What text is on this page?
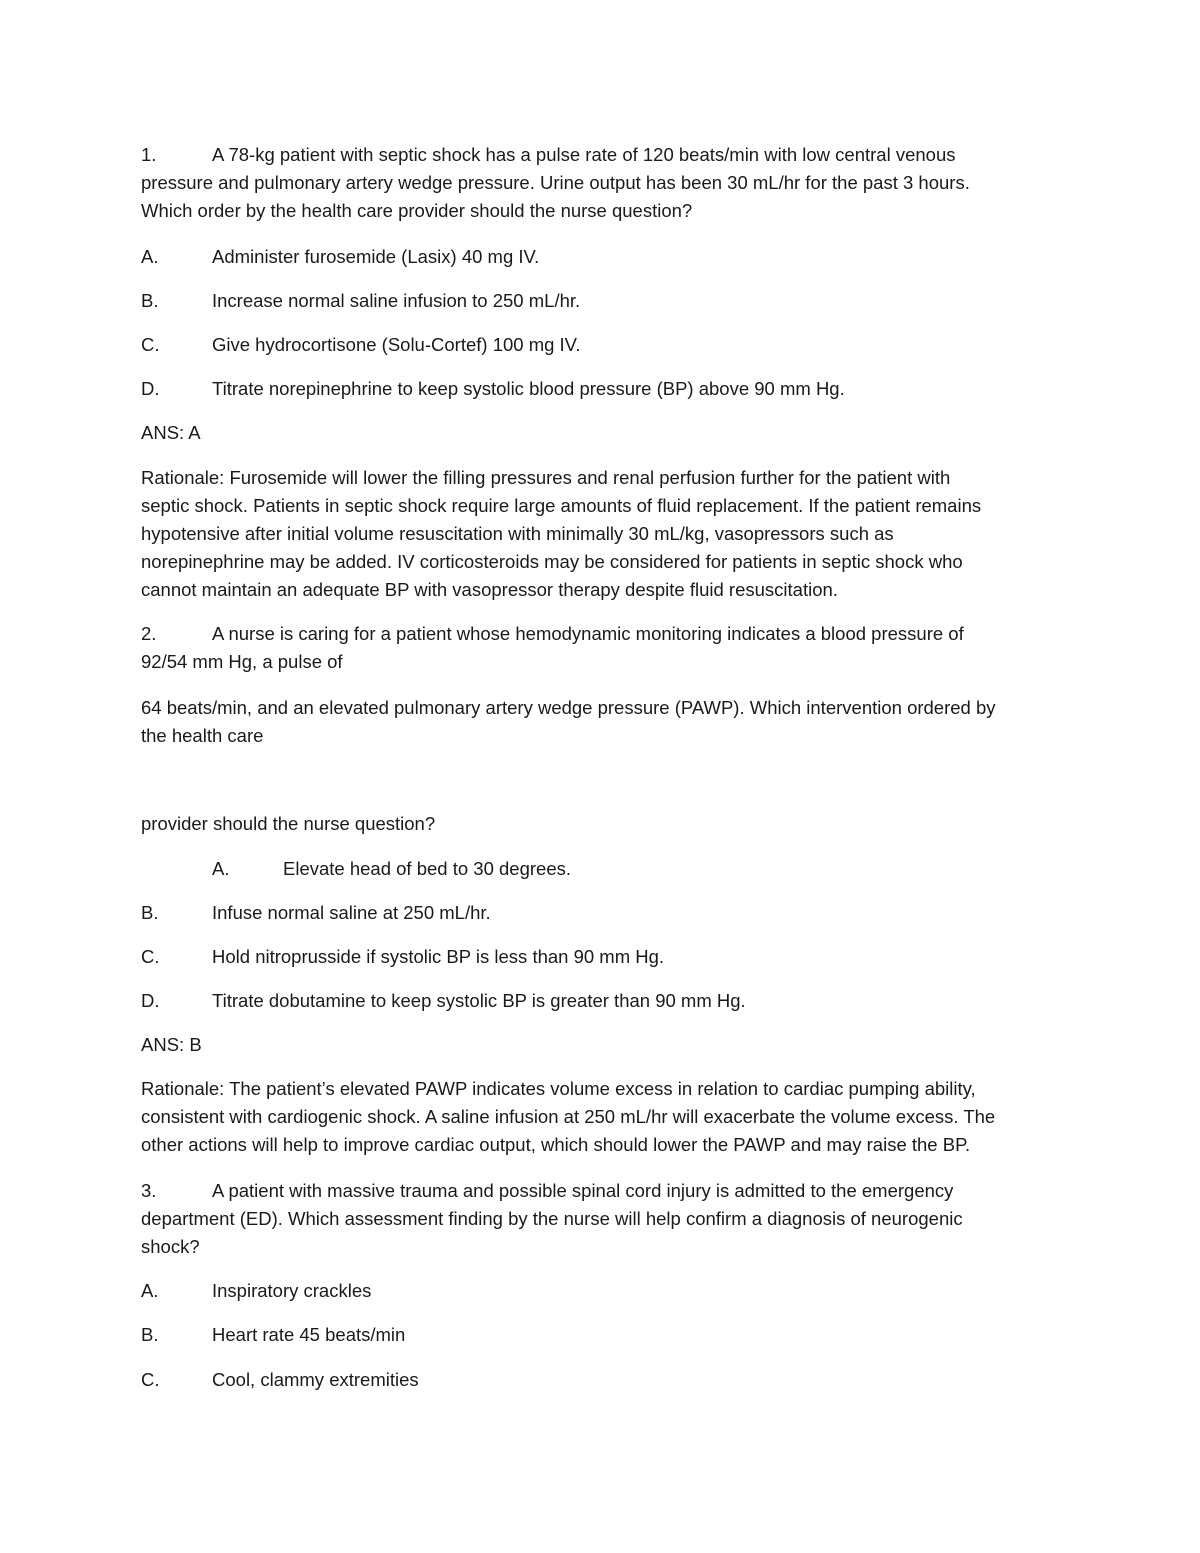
1.	A 78-kg patient with septic shock has a pulse rate of 120 beats/min with low central venous

pressure and pulmonary artery wedge pressure. Urine output has been 30 mL/hr for the past 3 hours.

Which order by the health care provider should the nurse question?

A.	Administer furosemide (Lasix) 40 mg IV.

B.	Increase normal saline infusion to 250 mL/hr.

C.	Give hydrocortisone (Solu-Cortef) 100 mg IV.

D.	Titrate norepinephrine to keep systolic blood pressure (BP) above 90 mm Hg.

ANS: A

Rationale: Furosemide will lower the filling pressures and renal perfusion further for the patient with

septic shock. Patients in septic shock require large amounts of fluid replacement. If the patient remains

hypotensive after initial volume resuscitation with minimally 30 mL/kg, vasopressors such as

norepinephrine may be added. IV corticosteroids may be considered for patients in septic shock who

cannot maintain an adequate BP with vasopressor therapy despite fluid resuscitation.

2.	A nurse is caring for a patient whose hemodynamic monitoring indicates a blood pressure of

92/54 mm Hg, a pulse of

64 beats/min, and an elevated pulmonary artery wedge pressure (PAWP). Which intervention ordered by

the health care

provider should the nurse question?

A.	Elevate head of bed to 30 degrees.

B.	Infuse normal saline at 250 mL/hr.

C.	Hold nitroprusside if systolic BP is less than 90 mm Hg.

D.	Titrate dobutamine to keep systolic BP is greater than 90 mm Hg.

ANS: B

Rationale: The patient’s elevated PAWP indicates volume excess in relation to cardiac pumping ability,

consistent with cardiogenic shock. A saline infusion at 250 mL/hr will exacerbate the volume excess. The

other actions will help to improve cardiac output, which should lower the PAWP and may raise the BP.

3.	A patient with massive trauma and possible spinal cord injury is admitted to the emergency

department (ED). Which assessment finding by the nurse will help confirm a diagnosis of neurogenic

shock?

A.	Inspiratory crackles

B.	Heart rate 45 beats/min

C.	Cool, clammy extremities
